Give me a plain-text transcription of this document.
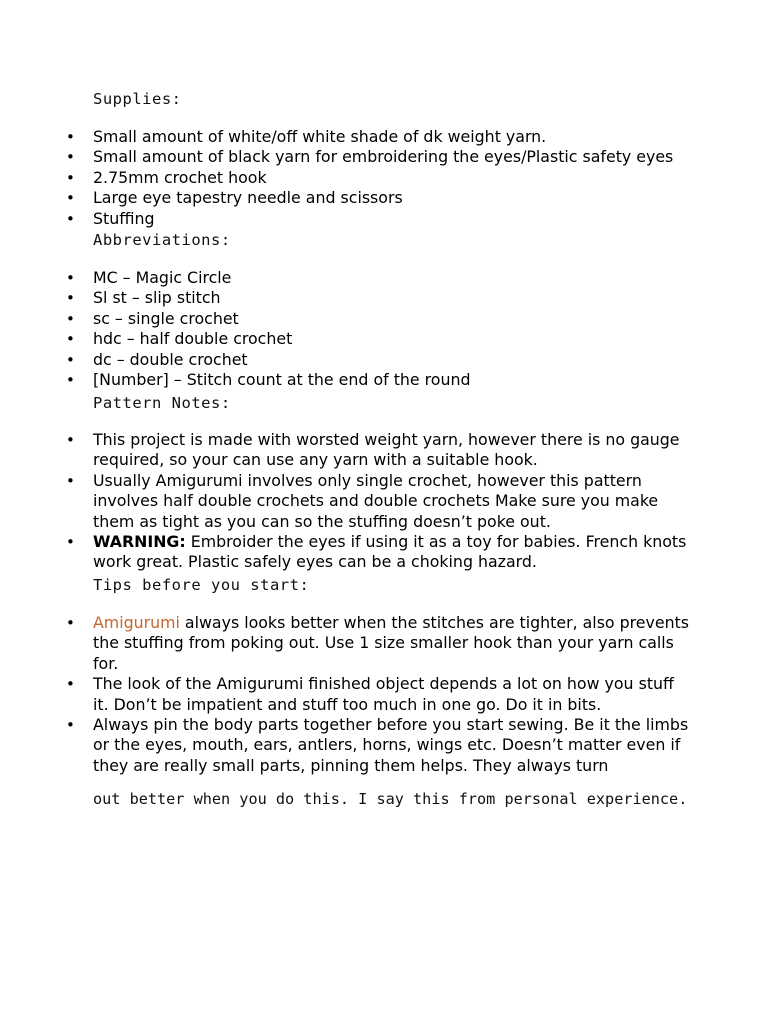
Supplies:
• Small amount of white/off white shade of dk weight yarn.
• Small amount of black yarn for embroidering the eyes/Plastic safety eyes
• 2.75mm crochet hook
• Large eye tapestry needle and scissors
• Stuffing
Abbreviations:
• MC – Magic Circle
• Sl st – slip stitch
• sc – single crochet
• hdc – half double crochet
• dc – double crochet
• [Number] – Stitch count at the end of the round
Pattern Notes:
• This project is made with worsted weight yarn, however there is no gauge required, so your can use any yarn with a suitable hook.
• Usually Amigurumi involves only single crochet, however this pattern involves half double crochets and double crochets Make sure you make them as tight as you can so the stuffing doesn’t poke out.
• WARNING: Embroider the eyes if using it as a toy for babies. French knots work great. Plastic safely eyes can be a choking hazard.
Tips before you start:
• Amigurumi always looks better when the stitches are tighter, also prevents the stuffing from poking out. Use 1 size smaller hook than your yarn calls for.
• The look of the Amigurumi finished object depends a lot on how you stuff it. Don’t be impatient and stuff too much in one go. Do it in bits.
• Always pin the body parts together before you start sewing. Be it the limbs or the eyes, mouth, ears, antlers, horns, wings etc. Doesn’t matter even if they are really small parts, pinning them helps. They always turn

out better when you do this. I say this from personal experience.
